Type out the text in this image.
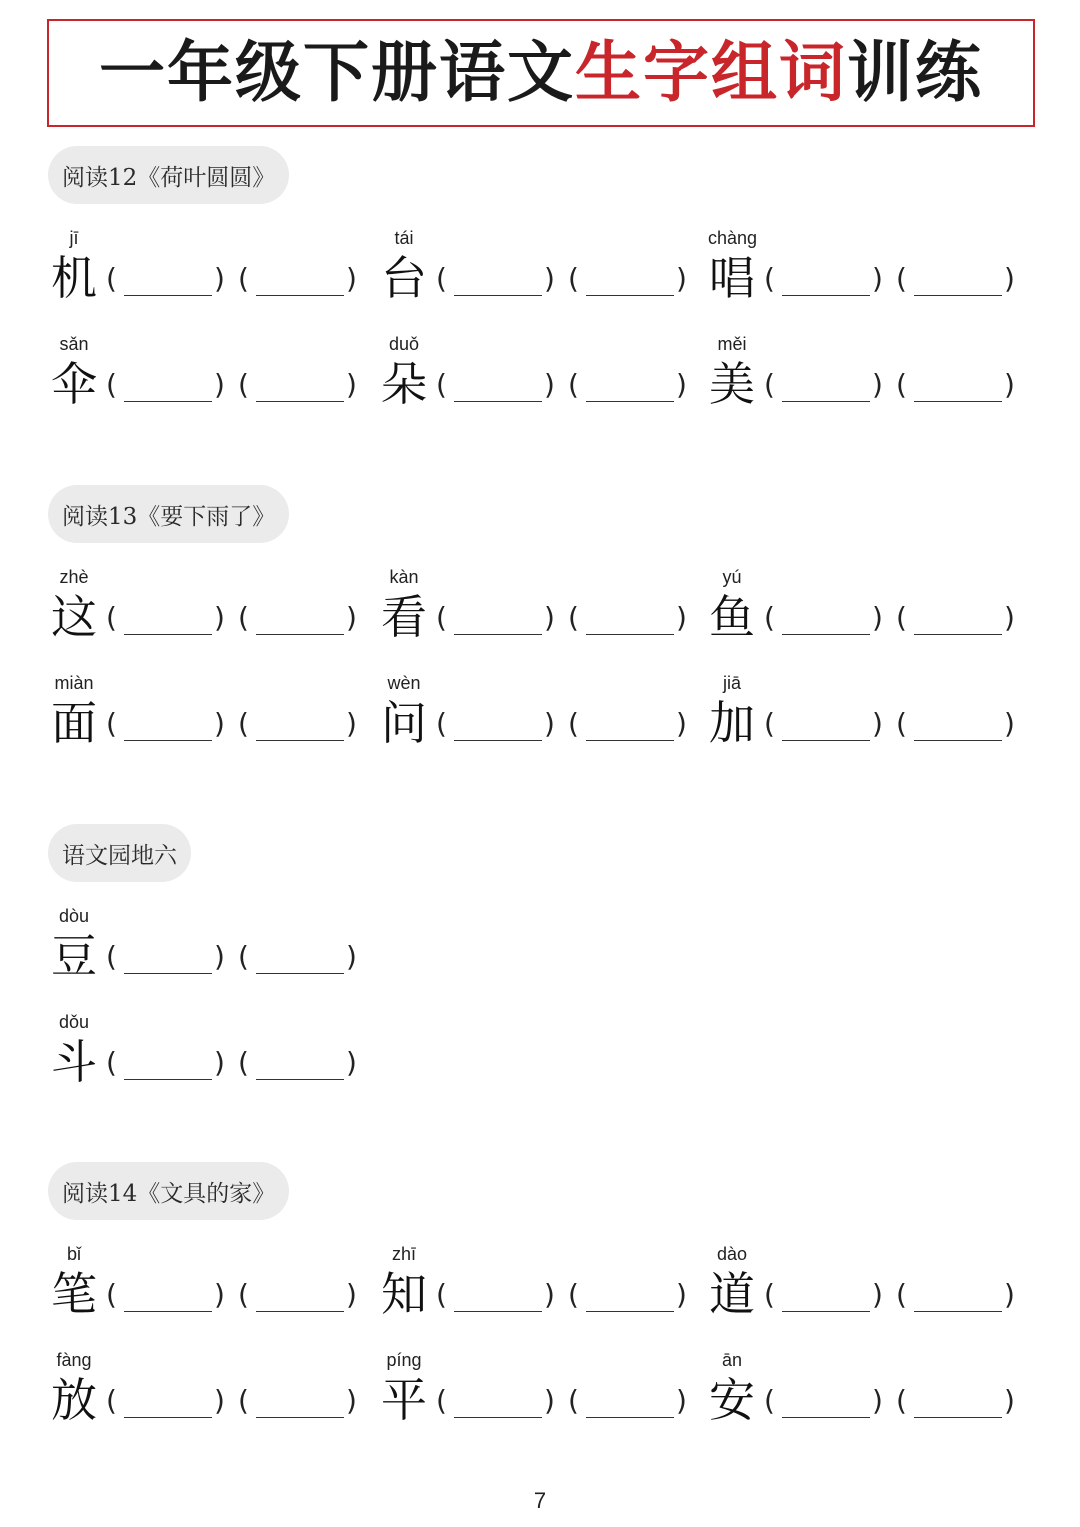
一年级下册语文生字组词训练
阅读12《荷叶圆圆》
jī
机 (	) (	)
tái
台 (	) (	)
chàng
唱 (	) (	)
sǎn
伞 (	) (	)
duǒ
朵 (	) (	)
měi
美 (	) (	)
阅读13《要下雨了》
zhè
这 (	) (	)
kàn
看 (	) (	)
yú
鱼 (	) (	)
miàn
面 (	) (	)
wèn
问 (	) (	)
jiā
加 (	) (	)
语文园地六
dòu
豆 (	) (	)
dǒu
斗 (	) (	)
阅读14《文具的家》
bǐ
笔 (	) (	)
zhī
知 (	) (	)
dào
道 (	) (	)
fàng
放 (	) (	)
píng
平 (	) (	)
ān
安 (	) (	)
7
